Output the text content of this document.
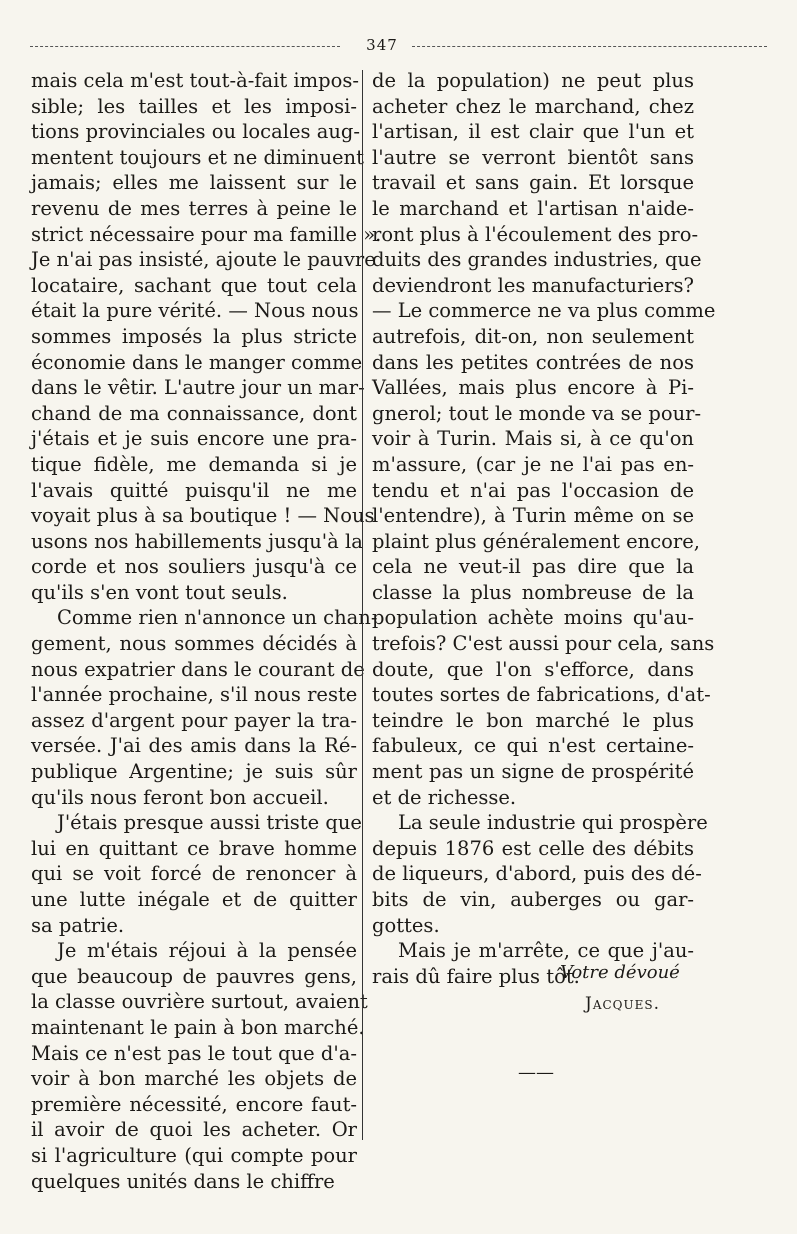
347
mais cela m'est tout-à-fait impos-
sible; les tailles et les imposi-
tions provinciales ou locales aug-
mentent toujours et ne diminuent
jamais; elles me laissent sur le
revenu de mes terres à peine le
strict nécessaire pour ma famille ».
Je n'ai pas insisté, ajoute le pauvre
locataire, sachant que tout cela
était la pure vérité. — Nous nous
sommes imposés la plus stricte
économie dans le manger comme
dans le vêtir. L'autre jour un mar-
chand de ma connaissance, dont
j'étais et je suis encore une pra-
tique fidèle, me demanda si je
l'avais quitté puisqu'il ne me
voyait plus à sa boutique ! — Nous
usons nos habillements jusqu'à la
corde et nos souliers jusqu'à ce
qu'ils s'en vont tout seuls.
Comme rien n'annonce un chan-
gement, nous sommes décidés à
nous expatrier dans le courant de
l'année prochaine, s'il nous reste
assez d'argent pour payer la tra-
versée. J'ai des amis dans la Ré-
publique Argentine; je suis sûr
qu'ils nous feront bon accueil.
J'étais presque aussi triste que
lui en quittant ce brave homme
qui se voit forcé de renoncer à
une lutte inégale et de quitter
sa patrie.
Je m'étais réjoui à la pensée
que beaucoup de pauvres gens,
la classe ouvrière surtout, avaient
maintenant le pain à bon marché.
Mais ce n'est pas le tout que d'a-
voir à bon marché les objets de
première nécessité, encore faut-
il avoir de quoi les acheter. Or
si l'agriculture (qui compte pour
quelques unités dans le chiffre
de la population) ne peut plus
acheter chez le marchand, chez
l'artisan, il est clair que l'un et
l'autre se verront bientôt sans
travail et sans gain. Et lorsque
le marchand et l'artisan n'aide-
ront plus à l'écoulement des pro-
duits des grandes industries, que
deviendront les manufacturiers?
— Le commerce ne va plus comme
autrefois, dit-on, non seulement
dans les petites contrées de nos
Vallées, mais plus encore à Pi-
gnerol; tout le monde va se pour-
voir à Turin. Mais si, à ce qu'on
m'assure, (car je ne l'ai pas en-
tendu et n'ai pas l'occasion de
l'entendre), à Turin même on se
plaint plus généralement encore,
cela ne veut-il pas dire que la
classe la plus nombreuse de la
population achète moins qu'au-
trefois? C'est aussi pour cela, sans
doute, que l'on s'efforce, dans
toutes sortes de fabrications, d'at-
teindre le bon marché le plus
fabuleux, ce qui n'est certaine-
ment pas un signe de prospérité
et de richesse.
La seule industrie qui prospère
depuis 1876 est celle des débits
de liqueurs, d'abord, puis des dé-
bits de vin, auberges ou gar-
gottes.
Mais je m'arrête, ce que j'au-
rais dû faire plus tôt.
Votre dévoué
Jacques.
——
